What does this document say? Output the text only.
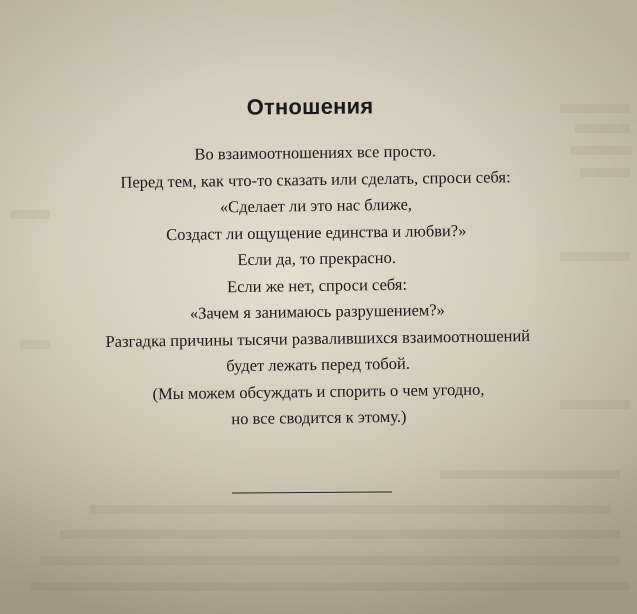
Отношения
Во взаимоотношениях все просто.
Перед тем, как что-то сказать или сделать, спроси себя:
«Сделает ли это нас ближе,
Создаст ли ощущение единства и любви?»
Если да, то прекрасно.
Если же нет, спроси себя:
«Зачем я занимаюсь разрушением?»
Разгадка причины тысячи развалившихся взаимоотношений
будет лежать перед тобой.
(Мы можем обсуждать и спорить о чем угодно,
но все сводится к этому.)
